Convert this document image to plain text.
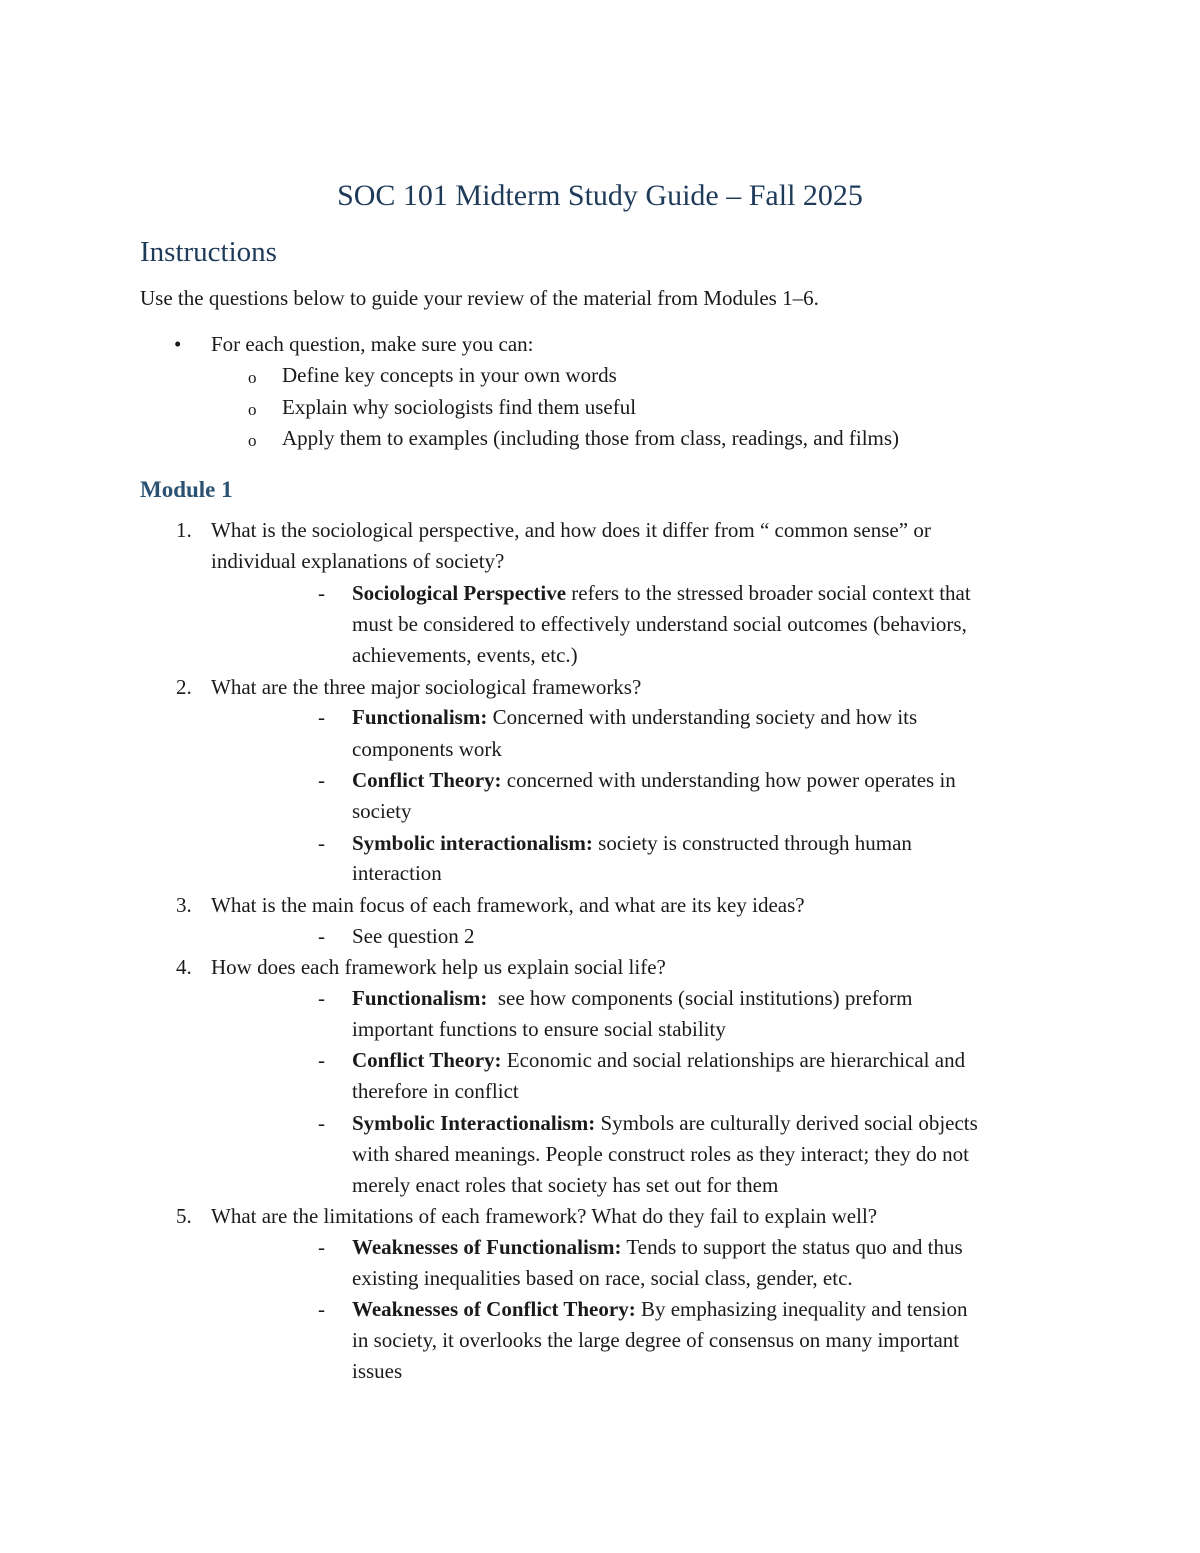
SOC 101 Midterm Study Guide – Fall 2025
Instructions
Use the questions below to guide your review of the material from Modules 1–6.
• For each question, make sure you can:
o Define key concepts in your own words
o Explain why sociologists find them useful
o Apply them to examples (including those from class, readings, and films)
Module 1
1. What is the sociological perspective, and how does it differ from “ common sense” or
individual explanations of society?
- Sociological Perspective refers to the stressed broader social context that
must be considered to effectively understand social outcomes (behaviors,
achievements, events, etc.)
2. What are the three major sociological frameworks?
- Functionalism: Concerned with understanding society and how its
components work
- Conflict Theory: concerned with understanding how power operates in
society
- Symbolic interactionalism: society is constructed through human
interaction
3. What is the main focus of each framework, and what are its key ideas?
- See question 2
4. How does each framework help us explain social life?
- Functionalism:  see how components (social institutions) preform
important functions to ensure social stability
- Conflict Theory: Economic and social relationships are hierarchical and
therefore in conflict
- Symbolic Interactionalism: Symbols are culturally derived social objects
with shared meanings. People construct roles as they interact; they do not
merely enact roles that society has set out for them
5. What are the limitations of each framework? What do they fail to explain well?
- Weaknesses of Functionalism: Tends to support the status quo and thus
existing inequalities based on race, social class, gender, etc.
- Weaknesses of Conflict Theory: By emphasizing inequality and tension
in society, it overlooks the large degree of consensus on many important
issues
